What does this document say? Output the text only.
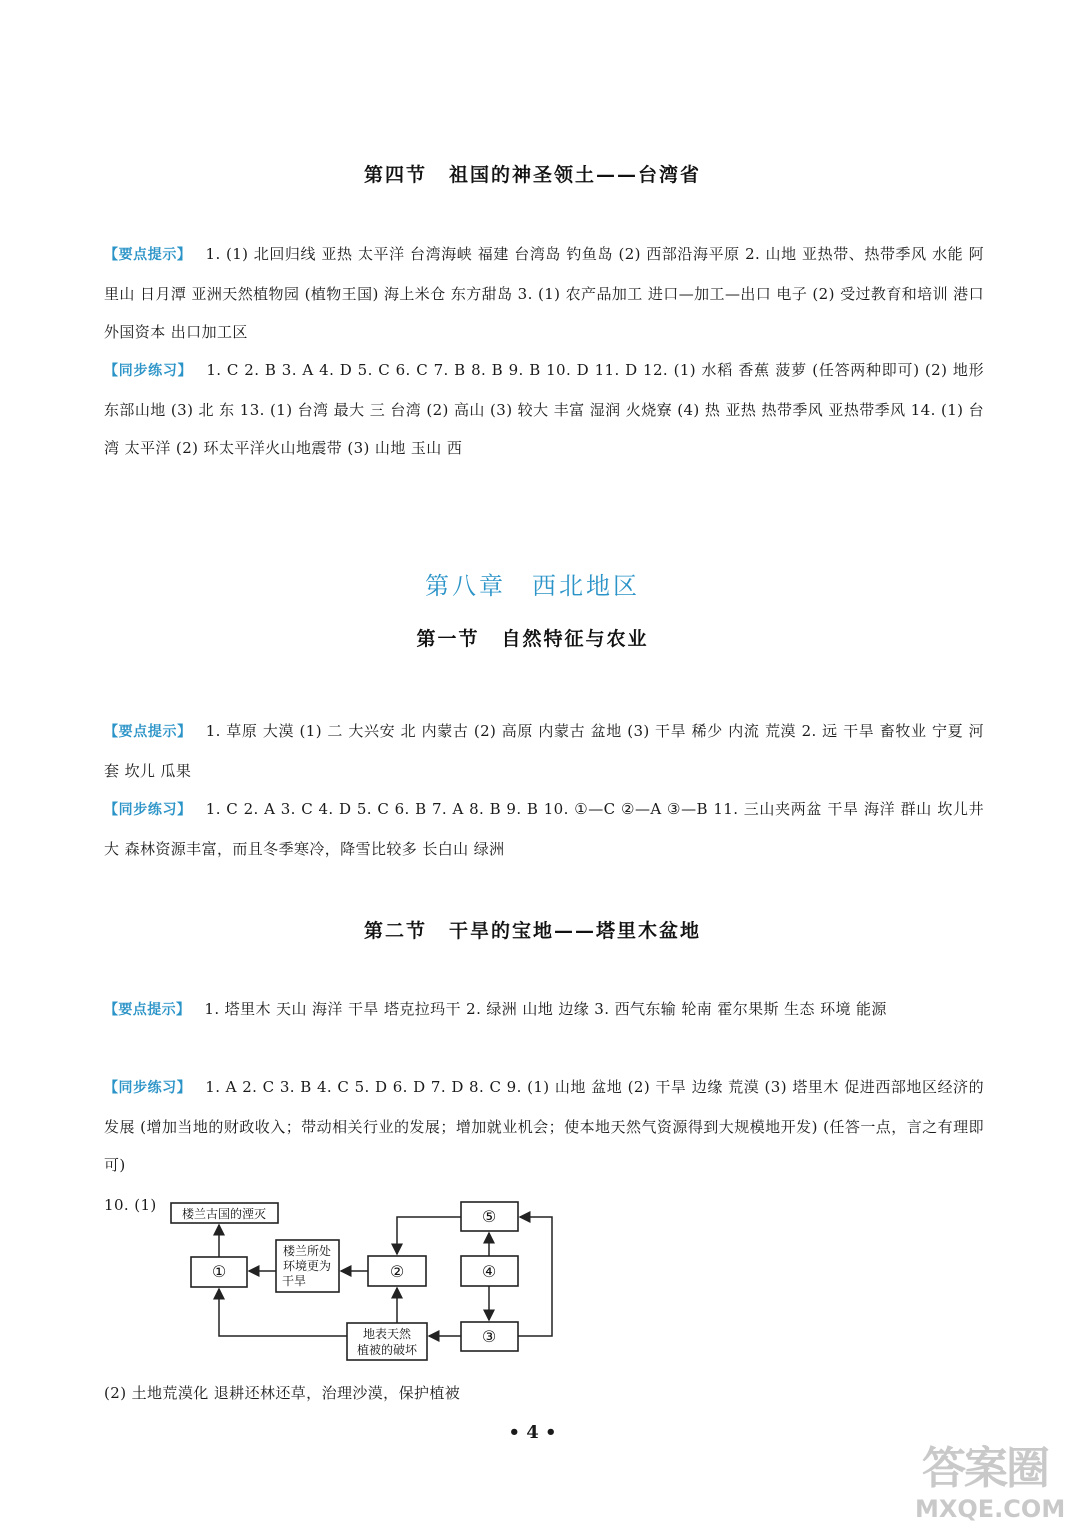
第四节 祖国的神圣领土——台湾省
【要点提示】 1. (1) 北回归线 亚热 太平洋 台湾海峡 福建 台湾岛 钓鱼岛 (2) 西部沿海平原 2. 山地 亚热带、热带季风 水能 阿里山 日月潭 亚洲天然植物园 (植物王国) 海上米仓 东方甜岛 3. (1) 农产品加工 进口—加工—出口 电子 (2) 受过教育和培训 港口 外国资本 出口加工区
【同步练习】 1. C 2. B 3. A 4. D 5. C 6. C 7. B 8. B 9. B 10. D 11. D 12. (1) 水稻 香蕉 菠萝 (任答两种即可) (2) 地形 东部山地 (3) 北 东 13. (1) 台湾 最大 三 台湾 (2) 高山 (3) 较大 丰富 湿润 火烧寮 (4) 热 亚热 热带季风 亚热带季风 14. (1) 台湾 太平洋 (2) 环太平洋火山地震带 (3) 山地 玉山 西
第八章 西北地区
第一节 自然特征与农业
【要点提示】 1. 草原 大漠 (1) 二 大兴安 北 内蒙古 (2) 高原 内蒙古 盆地 (3) 干旱 稀少 内流 荒漠 2. 远 干旱 畜牧业 宁夏 河套 坎儿 瓜果
【同步练习】 1. C 2. A 3. C 4. D 5. C 6. B 7. A 8. B 9. B 10. ①—C ②—A ③—B 11. 三山夹两盆 干旱 海洋 群山 坎儿井 大 森林资源丰富，而且冬季寒冷，降雪比较多 长白山 绿洲
第二节 干旱的宝地——塔里木盆地
【要点提示】 1. 塔里木 天山 海洋 干旱 塔克拉玛干 2. 绿洲 山地 边缘 3. 西气东输 轮南 霍尔果斯 生态 环境 能源
【同步练习】 1. A 2. C 3. B 4. C 5. D 6. D 7. D 8. C 9. (1) 山地 盆地 (2) 干旱 边缘 荒漠 (3) 塔里木 促进西部地区经济的发展 (增加当地的财政收入；带动相关行业的发展；增加就业机会；使本地天然气资源得到大规模地开发) (任答一点，言之有理即可)
10. (1) 楼兰古国的湮灭
①
楼兰所处
环境更为
干旱	②
⑤
④
③
地表天然
植被的破坏
(2) 土地荒漠化 退耕还林还草，治理沙漠，保护植被
• 4 •
答案圈
MXQE.COM
